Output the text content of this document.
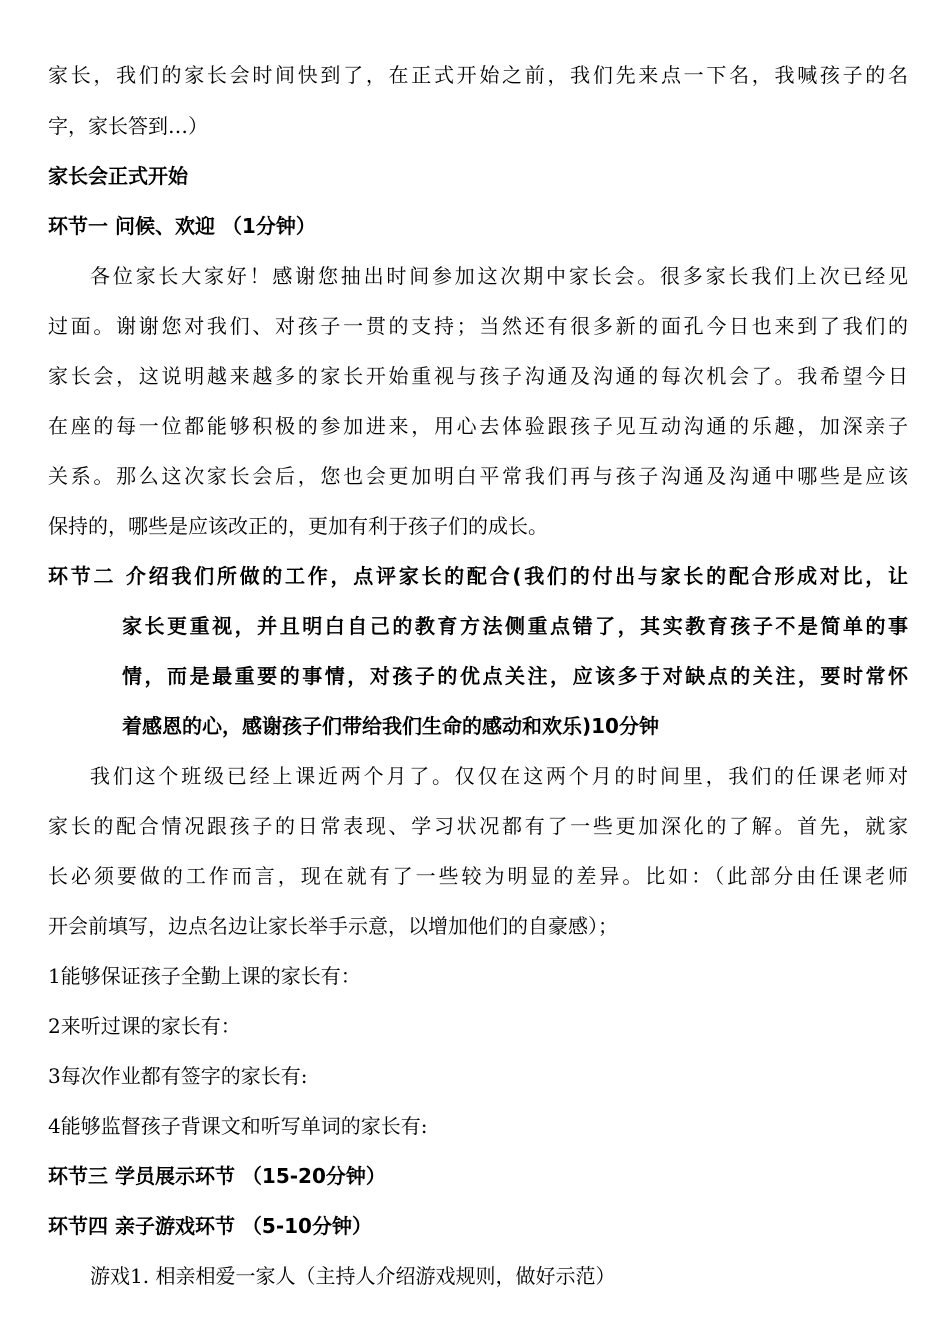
家长，我们的家长会时间快到了，在正式开始之前，我们先来点一下名，我喊孩子的名
字，家长答到…）
家长会正式开始
环节一 问候、欢迎 （1分钟）
各位家长大家好！感谢您抽出时间参加这次期中家长会。很多家长我们上次已经见
过面。谢谢您对我们、对孩子一贯的支持；当然还有很多新的面孔今日也来到了我们的
家长会，这说明越来越多的家长开始重视与孩子沟通及沟通的每次机会了。我希望今日
在座的每一位都能够积极的参加进来，用心去体验跟孩子见互动沟通的乐趣，加深亲子
关系。那么这次家长会后，您也会更加明白平常我们再与孩子沟通及沟通中哪些是应该
保持的，哪些是应该改正的，更加有利于孩子们的成长。
环节二 介绍我们所做的工作，点评家长的配合(我们的付出与家长的配合形成对比，让
家长更重视，并且明白自己的教育方法侧重点错了，其实教育孩子不是简单的事
情，而是最重要的事情，对孩子的优点关注，应该多于对缺点的关注，要时常怀
着感恩的心，感谢孩子们带给我们生命的感动和欢乐)10分钟
我们这个班级已经上课近两个月了。仅仅在这两个月的时间里，我们的任课老师对
家长的配合情况跟孩子的日常表现、学习状况都有了一些更加深化的了解。首先，就家
长必须要做的工作而言，现在就有了一些较为明显的差异。比如：（此部分由任课老师
开会前填写，边点名边让家长举手示意，以增加他们的自豪感）；
1能够保证孩子全勤上课的家长有：
2来听过课的家长有：
3每次作业都有签字的家长有:
4能够监督孩子背课文和听写单词的家长有:
环节三 学员展示环节 （15-20分钟）
环节四 亲子游戏环节 （5-10分钟）
游戏1. 相亲相爱一家人（主持人介绍游戏规则，做好示范）
